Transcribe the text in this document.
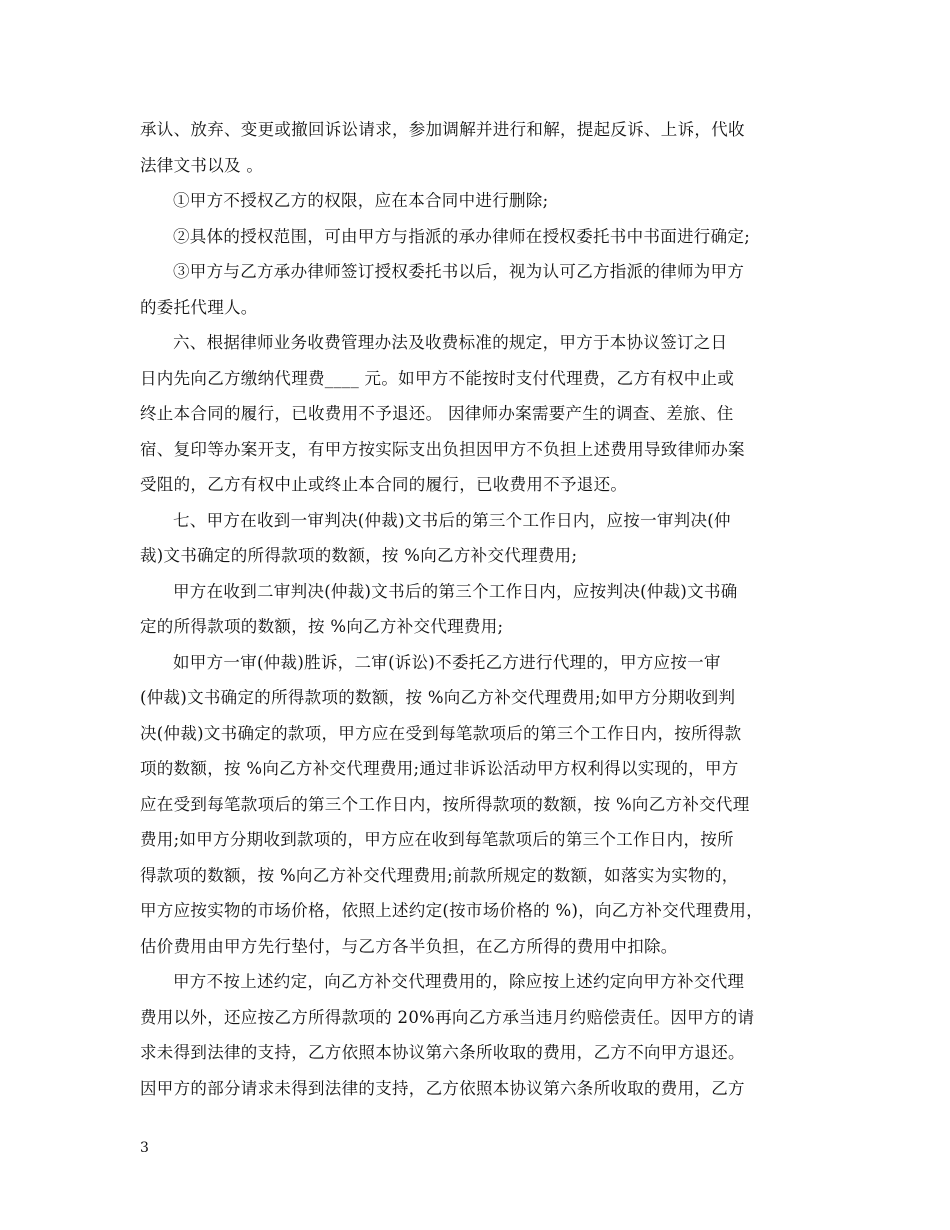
承认、放弃、变更或撤回诉讼请求，参加调解并进行和解，提起反诉、上诉，代收
法律文书以及 。
①甲方不授权乙方的权限，应在本合同中进行删除;
②具体的授权范围，可由甲方与指派的承办律师在授权委托书中书面进行确定;
③甲方与乙方承办律师签订授权委托书以后，视为认可乙方指派的律师为甲方
的委托代理人。
六、根据律师业务收费管理办法及收费标准的规定，甲方于本协议签订之日
日内先向乙方缴纳代理费____ 元。如甲方不能按时支付代理费，乙方有权中止或
终止本合同的履行，已收费用不予退还。 因律师办案需要产生的调查、差旅、住
宿、复印等办案开支，有甲方按实际支出负担因甲方不负担上述费用导致律师办案
受阻的，乙方有权中止或终止本合同的履行，已收费用不予退还。
七、甲方在收到一审判决(仲裁)文书后的第三个工作日内，应按一审判决(仲
裁)文书确定的所得款项的数额，按 %向乙方补交代理费用;
甲方在收到二审判决(仲裁)文书后的第三个工作日内，应按判决(仲裁)文书确
定的所得款项的数额，按 %向乙方补交代理费用;
如甲方一审(仲裁)胜诉，二审(诉讼)不委托乙方进行代理的，甲方应按一审
(仲裁)文书确定的所得款项的数额，按 %向乙方补交代理费用;如甲方分期收到判
决(仲裁)文书确定的款项，甲方应在受到每笔款项后的第三个工作日内，按所得款
项的数额，按 %向乙方补交代理费用;通过非诉讼活动甲方权利得以实现的，甲方
应在受到每笔款项后的第三个工作日内，按所得款项的数额，按 %向乙方补交代理
费用;如甲方分期收到款项的，甲方应在收到每笔款项后的第三个工作日内，按所
得款项的数额，按 %向乙方补交代理费用;前款所规定的数额，如落实为实物的，
甲方应按实物的市场价格，依照上述约定(按市场价格的 %)，向乙方补交代理费用，
估价费用由甲方先行垫付，与乙方各半负担，在乙方所得的费用中扣除。
甲方不按上述约定，向乙方补交代理费用的，除应按上述约定向甲方补交代理
费用以外，还应按乙方所得款项的 20%再向乙方承当违月约赔偿责任。因甲方的请
求未得到法律的支持，乙方依照本协议第六条所收取的费用，乙方不向甲方退还。
因甲方的部分请求未得到法律的支持，乙方依照本协议第六条所收取的费用，乙方
3
